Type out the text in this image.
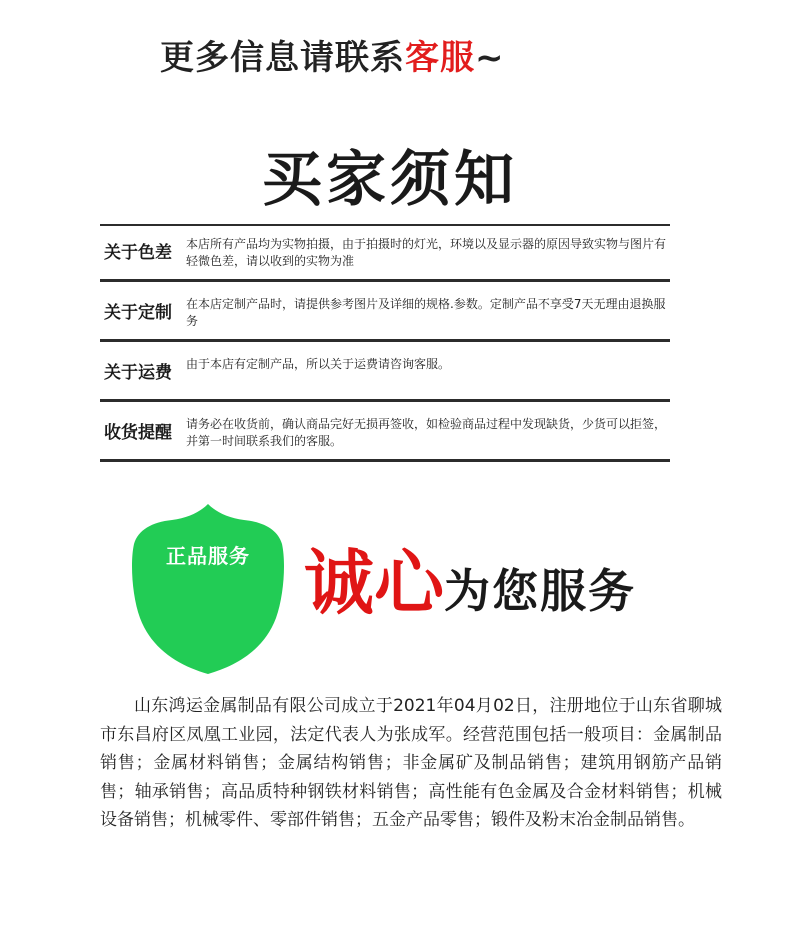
更多信息请联系客服~
买家须知
关于色差 本店所有产品均为实物拍摄，由于拍摄时的灯光，环境以及显示器的原因导致实物与图片有轻微色差，请以收到的实物为准
关于定制 在本店定制产品时，请提供参考图片及详细的规格.参数。定制产品不享受7天无理由退换服务
关于运费 由于本店有定制产品，所以关于运费请咨询客服。
收货提醒 请务必在收货前，确认商品完好无损再签收，如检验商品过程中发现缺货，少货可以拒签，并第一时间联系我们的客服。
正品服务 诚心为您服务
山东鸿运金属制品有限公司成立于2021年04月02日，注册地位于山东省聊城市东昌府区凤凰工业园，法定代表人为张成军。经营范围包括一般项目：金属制品销售；金属材料销售；金属结构销售；非金属矿及制品销售；建筑用钢筋产品销售；轴承销售；高品质特种钢铁材料销售；高性能有色金属及合金材料销售；机械设备销售；机械零件、零部件销售；五金产品零售；锻件及粉末冶金制品销售。
